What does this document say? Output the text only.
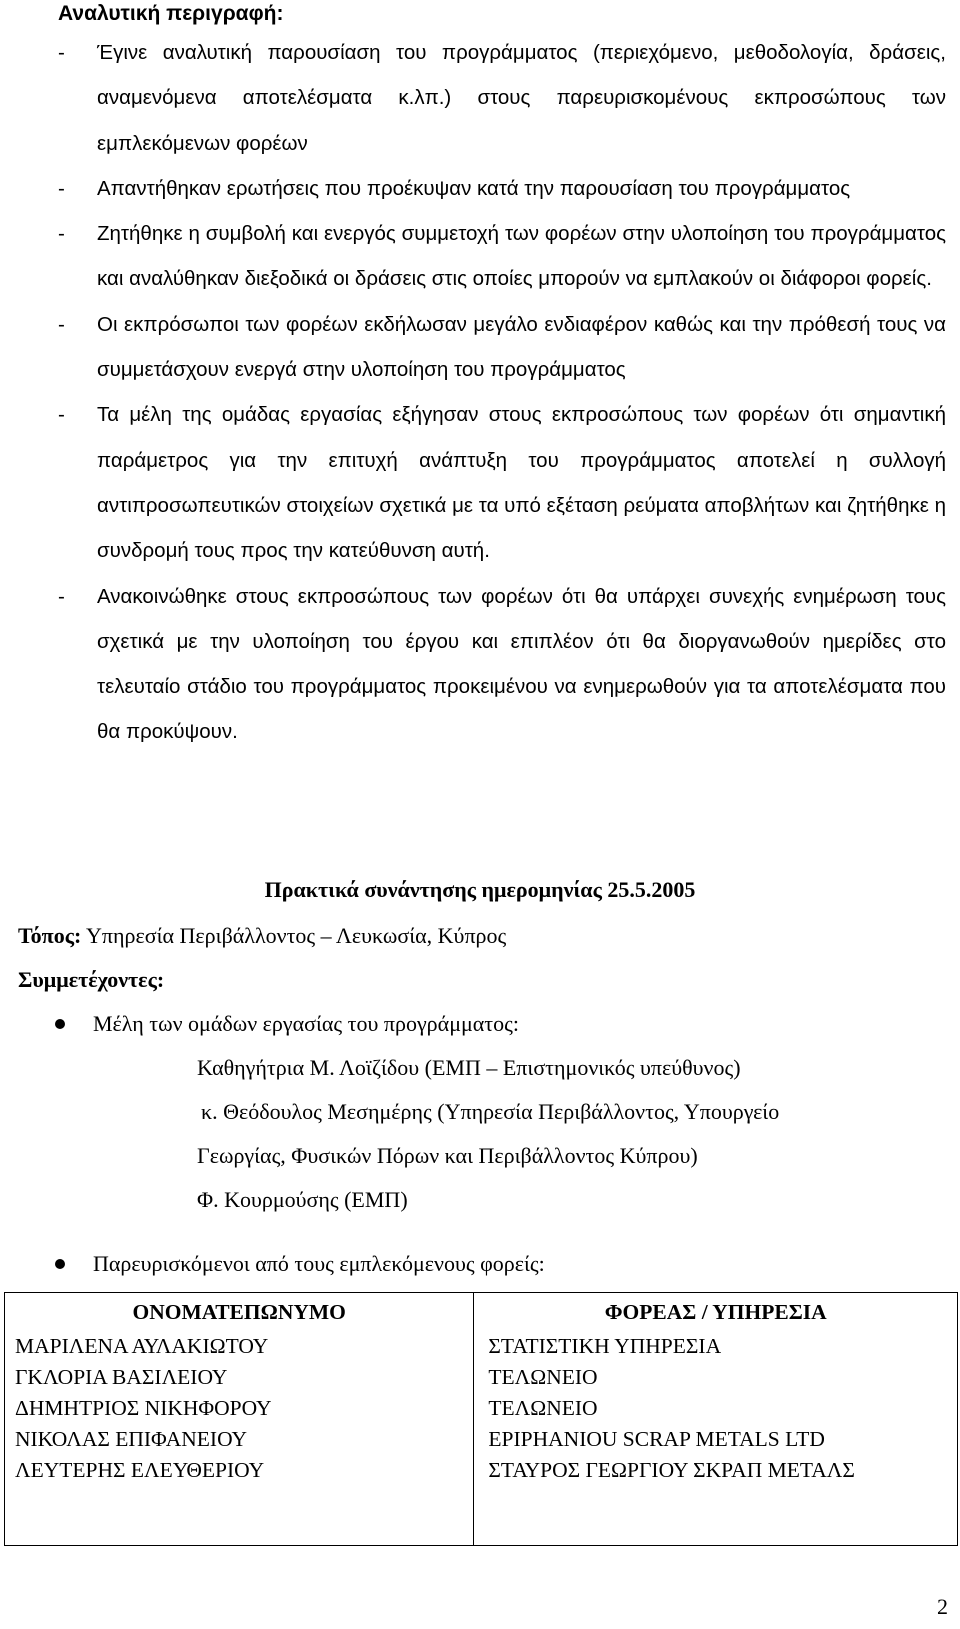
Αναλυτική περιγραφή:
- Έγινε αναλυτική παρουσίαση του προγράμματος (περιεχόμενο, μεθοδολογία, δράσεις, αναμενόμενα αποτελέσματα κ.λπ.) στους παρευρισκομένους εκπροσώπους των εμπλεκόμενων φορέων
- Απαντήθηκαν ερωτήσεις που προέκυψαν κατά την παρουσίαση του προγράμματος
- Ζητήθηκε η συμβολή και ενεργός συμμετοχή των φορέων στην υλοποίηση του προγράμματος και αναλύθηκαν διεξοδικά οι δράσεις στις οποίες μπορούν να εμπλακούν οι διάφοροι φορείς.
- Οι εκπρόσωποι των φορέων εκδήλωσαν μεγάλο ενδιαφέρον καθώς και την πρόθεσή τους να συμμετάσχουν ενεργά στην υλοποίηση του προγράμματος
- Τα μέλη της ομάδας εργασίας εξήγησαν στους εκπροσώπους των φορέων ότι σημαντική παράμετρος για την επιτυχή ανάπτυξη του προγράμματος αποτελεί η συλλογή αντιπροσωπευτικών στοιχείων σχετικά με τα υπό εξέταση ρεύματα αποβλήτων και ζητήθηκε η συνδρομή τους προς την κατεύθυνση αυτή.
- Ανακοινώθηκε στους εκπροσώπους των φορέων ότι θα υπάρχει συνεχής ενημέρωση τους σχετικά με την υλοποίηση του έργου και επιπλέον ότι θα διοργανωθούν ημερίδες στο τελευταίο στάδιο του προγράμματος προκειμένου να ενημερωθούν για τα αποτελέσματα που θα προκύψουν.
Πρακτικά συνάντησης ημερομηνίας 25.5.2005
Τόπος: Υπηρεσία Περιβάλλοντος – Λευκωσία, Κύπρος
Συμμετέχοντες:
Μέλη των ομάδων εργασίας του προγράμματος:
Καθηγήτρια Μ. Λοϊζίδου (ΕΜΠ – Επιστημονικός υπεύθυνος)
κ. Θεόδουλος Μεσημέρης (Υπηρεσία Περιβάλλοντος, Υπουργείο
Γεωργίας, Φυσικών Πόρων και Περιβάλλοντος Κύπρου)
Φ. Κουρμούσης (ΕΜΠ)
Παρευρισκόμενοι από τους εμπλεκόμενους φορείς:
ΟΝΟΜΑΤΕΠΩΝΥΜΟ	ΦΟΡΕΑΣ / ΥΠΗΡΕΣΙΑ
ΜΑΡΙΛΕΝΑ ΑΥΛΑΚΙΩΤΟΥ	ΣΤΑΤΙΣΤΙΚΗ ΥΠΗΡΕΣΙΑ
ΓΚΛΟΡΙΑ ΒΑΣΙΛΕΙΟΥ	ΤΕΛΩΝΕΙΟ
ΔΗΜΗΤΡΙΟΣ ΝΙΚΗΦΟΡΟΥ	ΤΕΛΩΝΕΙΟ
ΝΙΚΟΛΑΣ ΕΠΙΦΑΝΕΙΟΥ	EPIPHANIOU SCRAP METALS LTD
ΛΕΥΤΕΡΗΣ ΕΛΕΥΘΕΡΙΟΥ	ΣΤΑΥΡΟΣ ΓΕΩΡΓΙΟΥ ΣΚΡΑΠ ΜΕΤΑΛΣ
2
